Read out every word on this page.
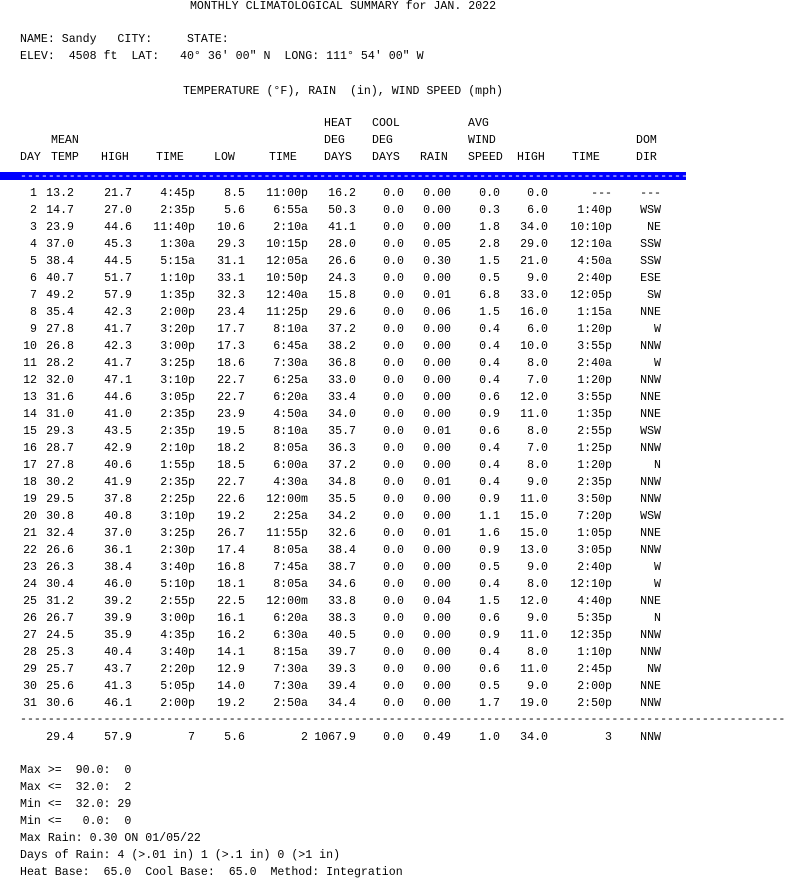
MONTHLY CLIMATOLOGICAL SUMMARY for JAN. 2022
NAME: Sandy   CITY:     STATE:
ELEV:  4508 ft  LAT:   40° 36' 00" N  LONG: 111° 54' 00" W
TEMPERATURE (°F), RAIN  (in), WIND SPEED (mph)
HEAT COOL	AVG
MEAN	DEG DEG	WIND	DOM
DAY TEMP HIGH TIME	LOW	TIME DAYS DAYS RAIN SPEED HIGH TIME	DIR
--------------------------------------------------------------------------------------------------------------
1 13.2	21.7 4:45p	8.5 11:00p 16.2 0.0 0.00 0.0 0.0	--- ---
2 14.7	27.0 2:35p	5.6 6:55a 50.3 0.0 0.00 0.3 6.0	1:40p WSW
3 23.9	44.6 11:40p 10.6 2:10a 41.1 0.0 0.00 1.8 34.0 10:10p	NE
4 37.0	45.3 1:30a 29.3 10:15p 28.0 0.0 0.05 2.8 29.0 12:10a SSW
5 38.4	44.5 5:15a 31.1 12:05a 26.6 0.0 0.30 1.5 21.0	4:50a SSW
6 40.7	51.7 1:10p 33.1 10:50p 24.3 0.0 0.00 0.5 9.0	2:40p ESE
7 49.2	57.9 1:35p 32.3 12:40a 15.8 0.0 0.01 6.8 33.0 12:05p	SW
8 35.4	42.3 2:00p 23.4 11:25p 29.6 0.0 0.06 1.5 16.0	1:15a NNE
9 27.8	41.7 3:20p 17.7 8:10a 37.2 0.0 0.00 0.4 6.0	1:20p	W
10 26.8	42.3 3:00p 17.3 6:45a 38.2 0.0 0.00 0.4 10.0	3:55p NNW
11 28.2	41.7 3:25p 18.6 7:30a 36.8 0.0 0.00 0.4 8.0	2:40a	W
12 32.0	47.1 3:10p 22.7 6:25a 33.0 0.0 0.00 0.4 7.0	1:20p NNW
13 31.6	44.6 3:05p 22.7 6:20a 33.4 0.0 0.00 0.6 12.0	3:55p NNE
14 31.0	41.0 2:35p 23.9 4:50a 34.0 0.0 0.00 0.9 11.0	1:35p NNE
15 29.3	43.5 2:35p 19.5 8:10a 35.7 0.0 0.01 0.6 8.0	2:55p WSW
16 28.7	42.9 2:10p 18.2 8:05a 36.3 0.0 0.00 0.4 7.0	1:25p NNW
17 27.8	40.6 1:55p 18.5 6:00a 37.2 0.0 0.00 0.4 8.0	1:20p	N
18 30.2	41.9 2:35p 22.7 4:30a 34.8 0.0 0.01 0.4 9.0	2:35p NNW
19 29.5	37.8 2:25p 22.6 12:00m 35.5 0.0 0.00 0.9 11.0	3:50p NNW
20 30.8	40.8 3:10p 19.2 2:25a 34.2 0.0 0.00 1.1 15.0	7:20p WSW
21 32.4	37.0 3:25p 26.7 11:55p 32.6 0.0 0.01 1.6 15.0	1:05p NNE
22 26.6	36.1 2:30p 17.4 8:05a 38.4 0.0 0.00 0.9 13.0	3:05p NNW
23 26.3	38.4 3:40p 16.8 7:45a 38.7 0.0 0.00 0.5 9.0	2:40p	W
24 30.4	46.0 5:10p 18.1 8:05a 34.6 0.0 0.00 0.4 8.0 12:10p	W
25 31.2	39.2 2:55p 22.5 12:00m 33.8 0.0 0.04 1.5 12.0	4:40p NNE
26 26.7	39.9 3:00p 16.1 6:20a 38.3 0.0 0.00 0.6 9.0	5:35p	N
27 24.5	35.9 4:35p 16.2 6:30a 40.5 0.0 0.00 0.9 11.0 12:35p NNW
28 25.3	40.4 3:40p 14.1 8:15a 39.7 0.0 0.00 0.4 8.0	1:10p NNW
29 25.7	43.7 2:20p 12.9 7:30a 39.3 0.0 0.00 0.6 11.0	2:45p	NW
30 25.6	41.3 5:05p 14.0 7:30a 39.4 0.0 0.00 0.5 9.0	2:00p NNE
31 30.6	46.1 2:00p 19.2 2:50a 34.4 0.0 0.00 1.7 19.0	2:50p NNW
--------------------------------------------------------------------------------------------------------------
29.4	57.9	7	5.6	2 1067.9 0.0 0.49 1.0 34.0	3 NNW
Max >=  90.0:  0
Max <=  32.0:  2
Min <=  32.0: 29
Min <=   0.0:  0
Max Rain: 0.30 ON 01/05/22
Days of Rain: 4 (>.01 in) 1 (>.1 in) 0 (>1 in)
Heat Base:  65.0  Cool Base:  65.0  Method: Integration
